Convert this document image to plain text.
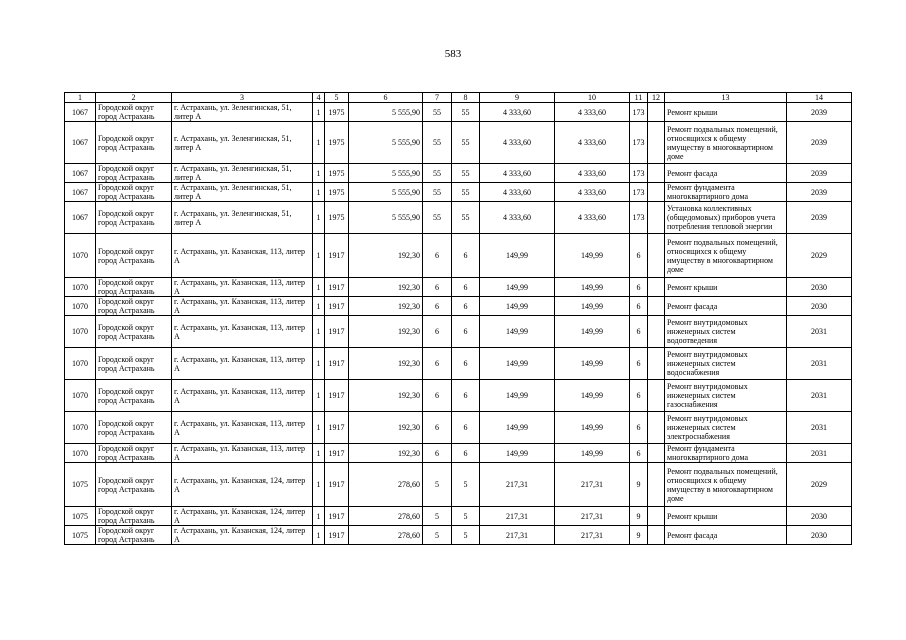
583
1	2	3	4	5	6	7	8	9	10	11	12	13	14
1067	Городской округ город Астрахань	г. Астрахань, ул. Зеленгинская, 51, литер А	1	1975	5 555,90	55	55	4 333,60	4 333,60	173		Ремонт крыши	2039
1067	Городской округ город Астрахань	г. Астрахань, ул. Зеленгинская, 51, литер А	1	1975	5 555,90	55	55	4 333,60	4 333,60	173		Ремонт подвальных помещений, относящихся к общему имуществу в многоквартирном доме	2039
1067	Городской округ город Астрахань	г. Астрахань, ул. Зеленгинская, 51, литер А	1	1975	5 555,90	55	55	4 333,60	4 333,60	173		Ремонт фасада	2039
1067	Городской округ город Астрахань	г. Астрахань, ул. Зеленгинская, 51, литер А	1	1975	5 555,90	55	55	4 333,60	4 333,60	173		Ремонт фундамента многоквартирного дома	2039
1067	Городской округ город Астрахань	г. Астрахань, ул. Зеленгинская, 51, литер А	1	1975	5 555,90	55	55	4 333,60	4 333,60	173		Установка коллективных (общедомовых) приборов учета потребления тепловой энергии	2039
1070	Городской округ город Астрахань	г. Астрахань, ул. Казанская, 113, литер А	1	1917	192,30	6	6	149,99	149,99	6		Ремонт подвальных помещений, относящихся к общему имуществу в многоквартирном доме	2029
1070	Городской округ город Астрахань	г. Астрахань, ул. Казанская, 113, литер А	1	1917	192,30	6	6	149,99	149,99	6		Ремонт крыши	2030
1070	Городской округ город Астрахань	г. Астрахань, ул. Казанская, 113, литер А	1	1917	192,30	6	6	149,99	149,99	6		Ремонт фасада	2030
1070	Городской округ город Астрахань	г. Астрахань, ул. Казанская, 113, литер А	1	1917	192,30	6	6	149,99	149,99	6		Ремонт внутридомовых инженерных систем водоотведения	2031
1070	Городской округ город Астрахань	г. Астрахань, ул. Казанская, 113, литер А	1	1917	192,30	6	6	149,99	149,99	6		Ремонт внутридомовых инженерных систем водоснабжения	2031
1070	Городской округ город Астрахань	г. Астрахань, ул. Казанская, 113, литер А	1	1917	192,30	6	6	149,99	149,99	6		Ремонт внутридомовых инженерных систем газоснабжения	2031
1070	Городской округ город Астрахань	г. Астрахань, ул. Казанская, 113, литер А	1	1917	192,30	6	6	149,99	149,99	6		Ремонт внутридомовых инженерных систем электроснабжения	2031
1070	Городской округ город Астрахань	г. Астрахань, ул. Казанская, 113, литер А	1	1917	192,30	6	6	149,99	149,99	6		Ремонт фундамента многоквартирного дома	2031
1075	Городской округ город Астрахань	г. Астрахань, ул. Казанская, 124, литер А	1	1917	278,60	5	5	217,31	217,31	9		Ремонт подвальных помещений, относящихся к общему имуществу в многоквартирном доме	2029
1075	Городской округ город Астрахань	г. Астрахань, ул. Казанская, 124, литер А	1	1917	278,60	5	5	217,31	217,31	9		Ремонт крыши	2030
1075	Городской округ город Астрахань	г. Астрахань, ул. Казанская, 124, литер А	1	1917	278,60	5	5	217,31	217,31	9		Ремонт фасада	2030
